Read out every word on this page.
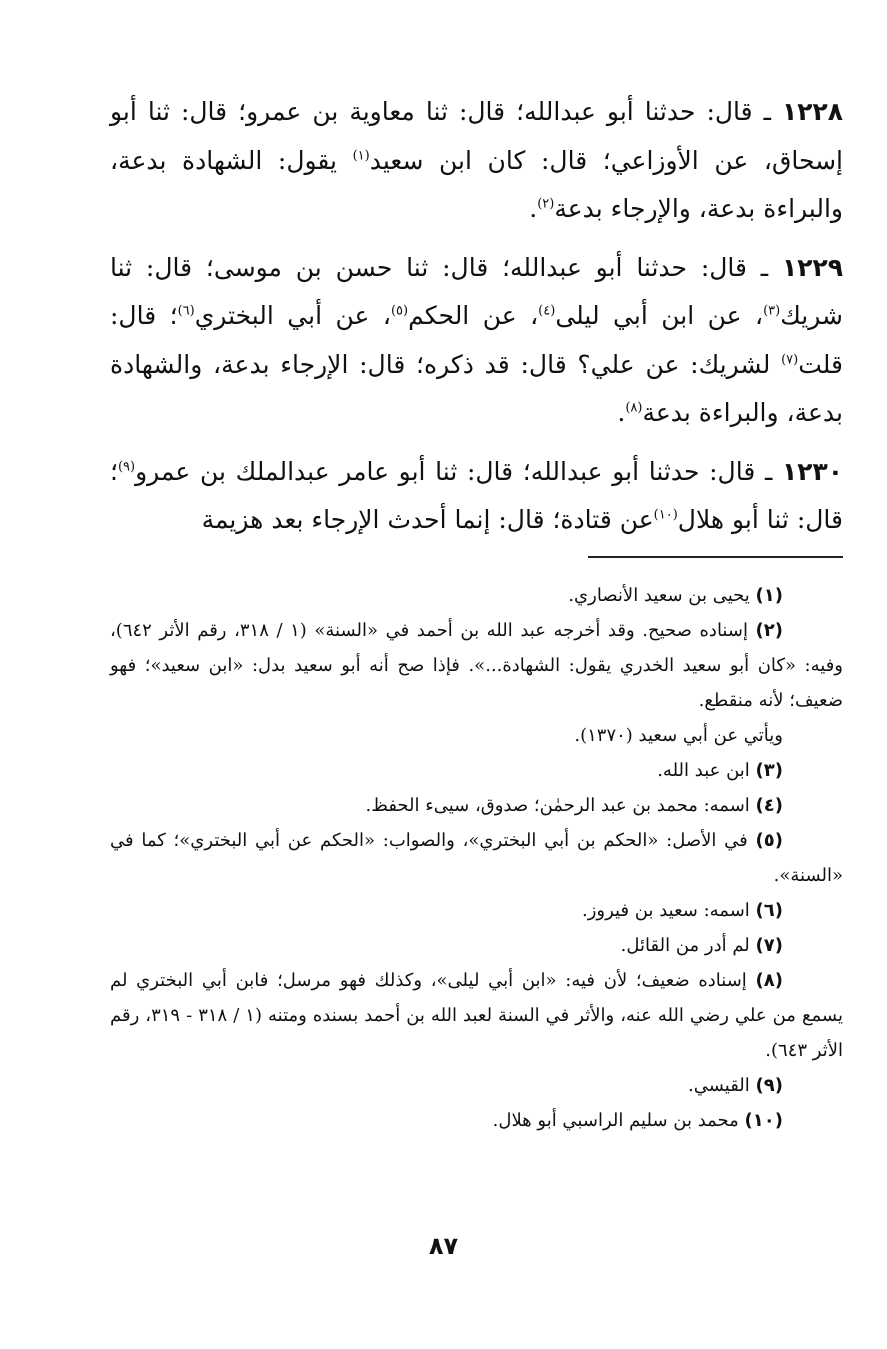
١٢٢٨ ـ قال: حدثنا أبو عبدالله؛ قال: ثنا معاوية بن عمرو؛ قال: ثنا أبو إسحاق، عن الأوزاعي؛ قال: كان ابن سعيد$^{(١)}$ يقول: الشهادة بدعة، والبراءة بدعة، والإرجاء بدعة$^{(٢)}$.

١٢٢٩ ـ قال: حدثنا أبو عبدالله؛ قال: ثنا حسن بن موسى؛ قال: ثنا شريك$^{(٣)}$، عن ابن أبي ليلى$^{(٤)}$، عن الحكم$^{(٥)}$، عن أبي البختري$^{(٦)}$؛ قال: قلت$^{(٧)}$ لشريك: عن علي؟ قال: قد ذكره؛ قال: الإرجاء بدعة، والشهادة بدعة، والبراءة بدعة$^{(٨)}$.

١٢٣٠ ـ قال: حدثنا أبو عبدالله؛ قال: ثنا أبو عامر عبدالملك بن عمرو$^{(٩)}$؛ قال: ثنا أبو هلال$^{(١٠)}$عن قتادة؛ قال: إنما أحدث الإرجاء بعد هزيمة

(١) يحيى بن سعيد الأنصاري.

(٢) إسناده صحيح. وقد أخرجه عبد الله بن أحمد في «السنة» (١ / ٣١٨، رقم الأثر ٦٤٢)، وفيه: «كان أبو سعيد الخدري يقول: الشهادة...». فإذا صح أنه أبو سعيد بدل: «ابن سعيد»؛ فهو ضعيف؛ لأنه منقطع.

ويأتي عن أبي سعيد (١٣٧٠).

(٣) ابن عبد الله.

(٤) اسمه: محمد بن عبد الرحمٰن؛ صدوق، سيىء الحفظ.

(٥) في الأصل: «الحكم بن أبي البختري»، والصواب: «الحكم عن أبي البختري»؛ كما في «السنة».

(٦) اسمه: سعيد بن فيروز.

(٧) لم أدر من القائل.

(٨) إسناده ضعيف؛ لأن فيه: «ابن أبي ليلى»، وكذلك فهو مرسل؛ فابن أبي البختري لم يسمع من علي رضي الله عنه، والأثر في السنة لعبد الله بن أحمد بسنده ومتنه (١ / ٣١٨ - ٣١٩، رقم الأثر ٦٤٣).

(٩) القيسي.

(١٠) محمد بن سليم الراسبي أبو هلال.

٨٧
